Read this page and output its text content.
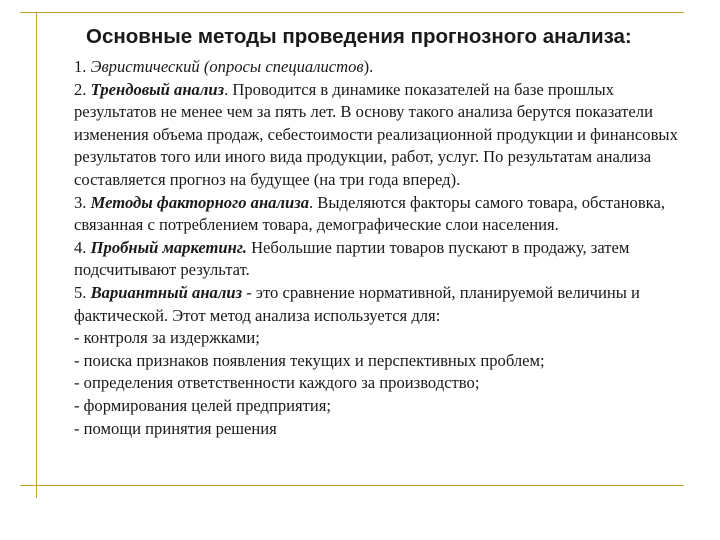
Основные методы проведения прогнозного анализа:

1. Эвристический (опросы специалистов).

2. Трендовый анализ. Проводится в динамике показателей на базе прошлых результатов не менее чем за пять лет. В основу такого анализа берутся показатели изменения объема продаж, себестоимости реализационной продукции и финансовых результатов того или иного вида продукции, работ, услуг. По результатам анализа составляется прогноз на будущее (на три года вперед).

3. Методы факторного анализа. Выделяются факторы самого товара, обстановка, связанная с потреблением товара, демографические слои населения.

4. Пробный маркетинг. Небольшие партии товаров пускают в продажу, затем подсчитывают результат.

5. Вариантный анализ - это сравнение нормативной, планируемой величины и фактической. Этот метод анализа используется для:

- контроля за издержками;

- поиска признаков появления текущих и перспективных проблем;

- определения ответственности каждого за производство;

- формирования целей предприятия;

- помощи принятия решения
